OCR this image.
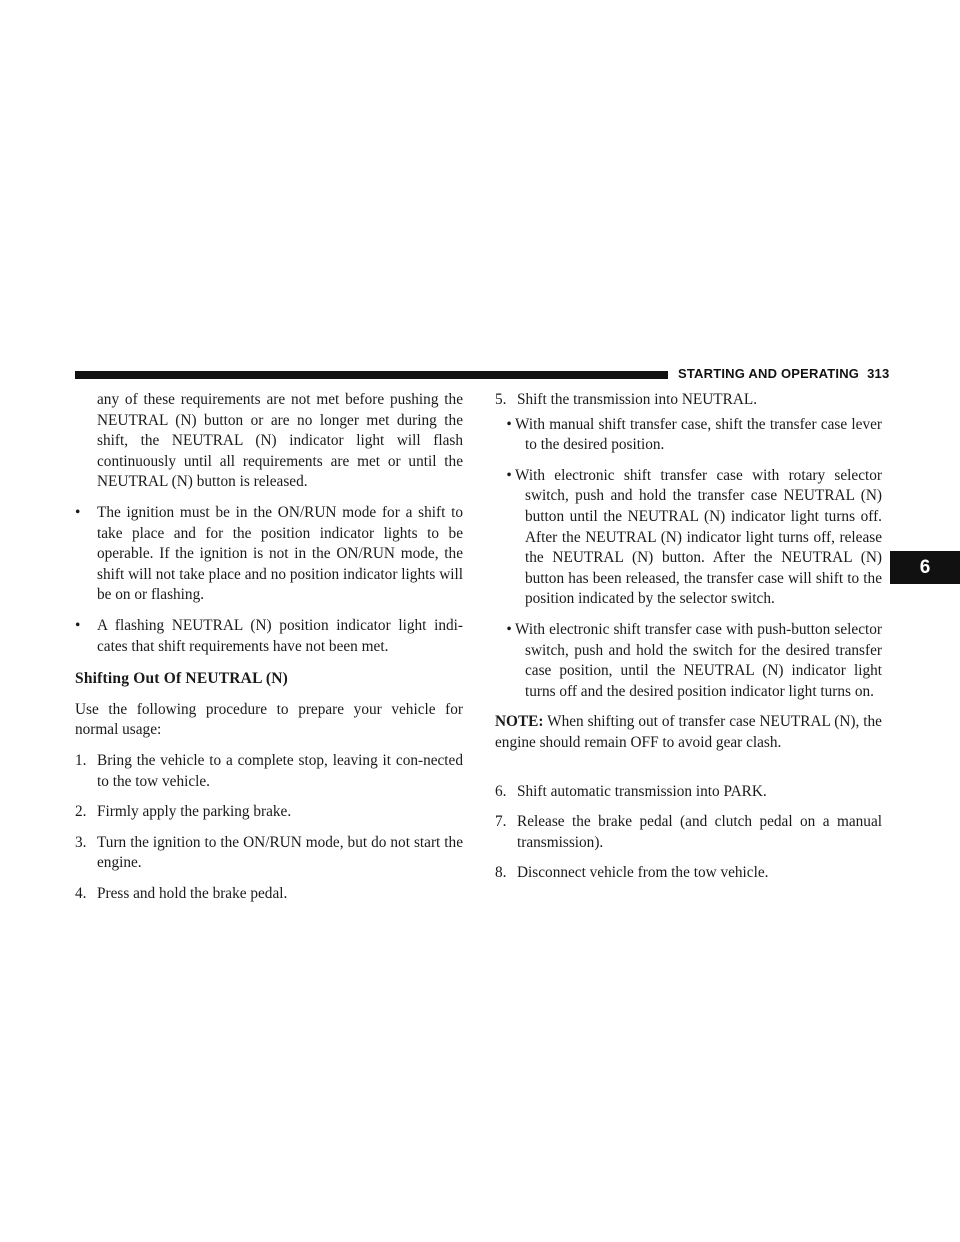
STARTING AND OPERATING 313
6

any of these requirements are not met before pushing the NEUTRAL (N) button or are no longer met during the shift, the NEUTRAL (N) indicator light will flash continuously until all requirements are met or until the NEUTRAL (N) button is released.

• The ignition must be in the ON/RUN mode for a shift to take place and for the position indicator lights to be operable. If the ignition is not in the ON/RUN mode, the shift will not take place and no position indicator lights will be on or flashing.

• A flashing NEUTRAL (N) position indicator light indi-cates that shift requirements have not been met.

Shifting Out Of NEUTRAL (N)

Use the following procedure to prepare your vehicle for normal usage:

1. Bring the vehicle to a complete stop, leaving it con-nected to the tow vehicle.

2. Firmly apply the parking brake.

3. Turn the ignition to the ON/RUN mode, but do not start the engine.

4. Press and hold the brake pedal.

5. Shift the transmission into NEUTRAL.

• With manual shift transfer case, shift the transfer case lever to the desired position.

• With electronic shift transfer case with rotary selector switch, push and hold the transfer case NEUTRAL (N) button until the NEUTRAL (N) indicator light turns off. After the NEUTRAL (N) indicator light turns off, release the NEUTRAL (N) button. After the NEUTRAL (N) button has been released, the transfer case will shift to the position indicated by the selector switch.

• With electronic shift transfer case with push-button selector switch, push and hold the switch for the desired transfer case position, until the NEUTRAL (N) indicator light turns off and the desired position indicator light turns on.

NOTE: When shifting out of transfer case NEUTRAL (N), the engine should remain OFF to avoid gear clash.

6. Shift automatic transmission into PARK.

7. Release the brake pedal (and clutch pedal on a manual transmission).

8. Disconnect vehicle from the tow vehicle.
